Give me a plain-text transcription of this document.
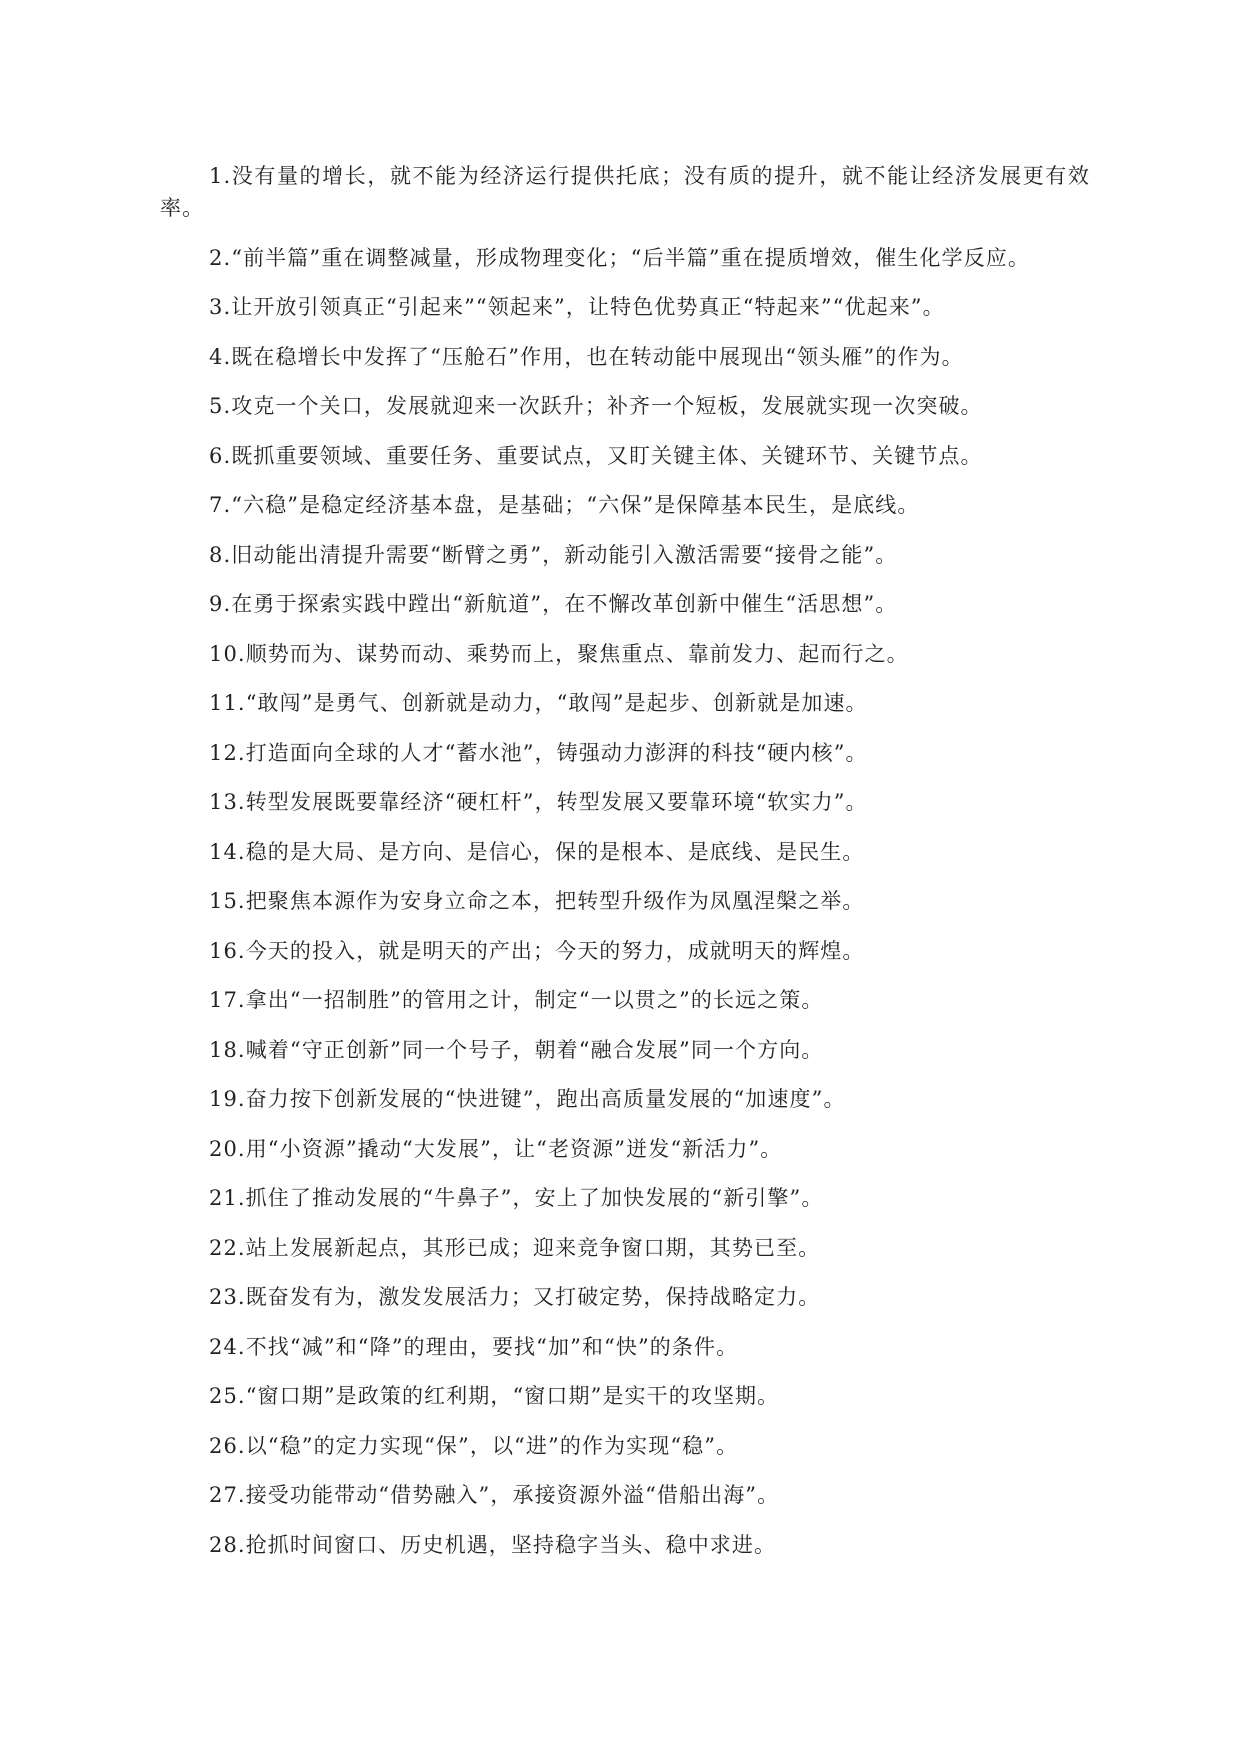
1.没有量的增长，就不能为经济运行提供托底；没有质的提升，就不能让经济发展更有效率。

2.“前半篇”重在调整减量，形成物理变化；“后半篇”重在提质增效，催生化学反应。

3.让开放引领真正“引起来”“领起来”，让特色优势真正“特起来”“优起来”。

4.既在稳增长中发挥了“压舱石”作用，也在转动能中展现出“领头雁”的作为。

5.攻克一个关口，发展就迎来一次跃升；补齐一个短板，发展就实现一次突破。

6.既抓重要领域、重要任务、重要试点，又盯关键主体、关键环节、关键节点。

7.“六稳”是稳定经济基本盘，是基础；“六保”是保障基本民生，是底线。

8.旧动能出清提升需要“断臂之勇”，新动能引入激活需要“接骨之能”。

9.在勇于探索实践中蹚出“新航道”，在不懈改革创新中催生“活思想”。

10.顺势而为、谋势而动、乘势而上，聚焦重点、靠前发力、起而行之。

11.“敢闯”是勇气、创新就是动力，“敢闯”是起步、创新就是加速。

12.打造面向全球的人才“蓄水池”，铸强动力澎湃的科技“硬内核”。

13.转型发展既要靠经济“硬杠杆”，转型发展又要靠环境“软实力”。

14.稳的是大局、是方向、是信心，保的是根本、是底线、是民生。

15.把聚焦本源作为安身立命之本，把转型升级作为凤凰涅槃之举。

16.今天的投入，就是明天的产出；今天的努力，成就明天的辉煌。

17.拿出“一招制胜”的管用之计，制定“一以贯之”的长远之策。

18.喊着“守正创新”同一个号子，朝着“融合发展”同一个方向。

19.奋力按下创新发展的“快进键”，跑出高质量发展的“加速度”。

20.用“小资源”撬动“大发展”，让“老资源”迸发“新活力”。

21.抓住了推动发展的“牛鼻子”，安上了加快发展的“新引擎”。

22.站上发展新起点，其形已成；迎来竞争窗口期，其势已至。

23.既奋发有为，激发发展活力；又打破定势，保持战略定力。

24.不找“减”和“降”的理由，要找“加”和“快”的条件。

25.“窗口期”是政策的红利期，“窗口期”是实干的攻坚期。

26.以“稳”的定力实现“保”，以“进”的作为实现“稳”。

27.接受功能带动“借势融入”，承接资源外溢“借船出海”。

28.抢抓时间窗口、历史机遇，坚持稳字当头、稳中求进。
